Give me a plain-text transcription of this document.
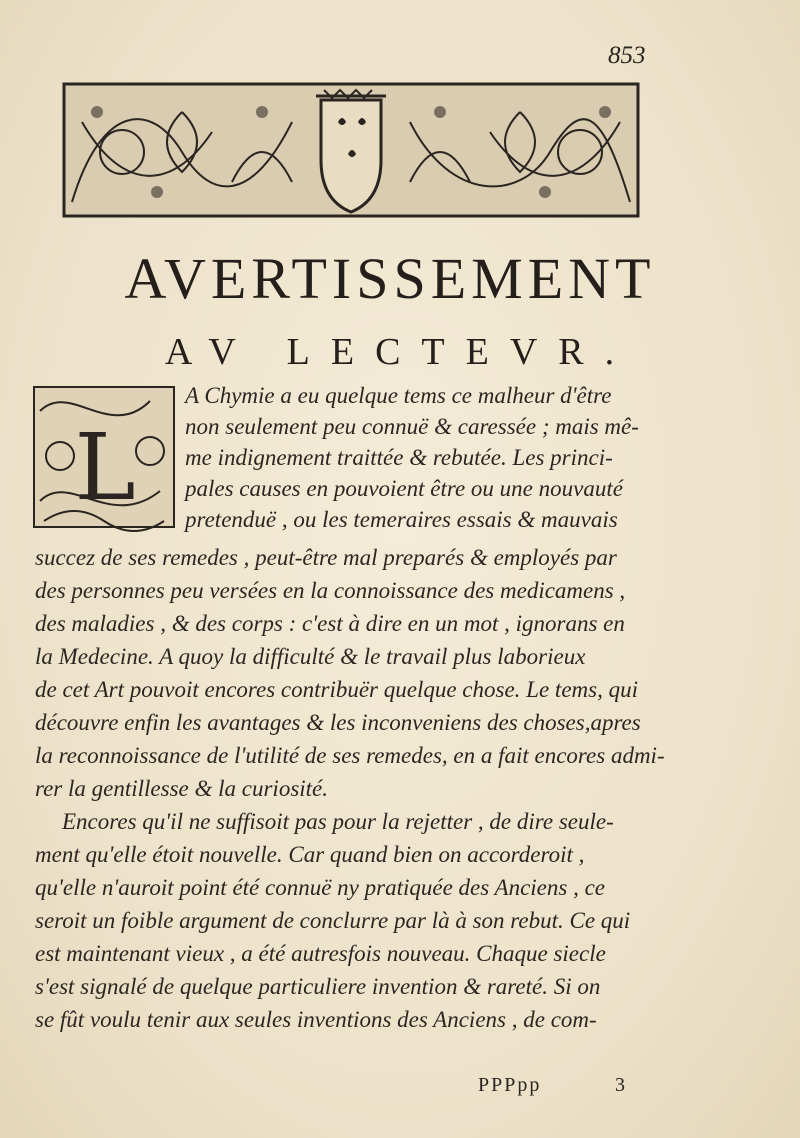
853
AVERTISSEMENT
AV LECTEVR.
L
A Chymie a eu quelque tems ce malheur d'être
non seulement peu connuë & caressée ; mais mê-
me indignement traittée & rebutée. Les princi-
pales causes en pouvoient être ou une nouvauté
pretenduë , ou les temeraires essais & mauvais
succez de ses remedes , peut-être mal preparés & employés par
des personnes peu versées en la connoissance des medicamens ,
des maladies , & des corps : c'est à dire en un mot , ignorans en
la Medecine. A quoy la difficulté & le travail plus laborieux
de cet Art pouvoit encores contribuër quelque chose. Le tems, qui
découvre enfin les avantages & les inconveniens des choses,apres
la reconnoissance de l'utilité de ses remedes, en a fait encores admi-
rer la gentillesse & la curiosité.
Encores qu'il ne suffisoit pas pour la rejetter , de dire seule-
ment qu'elle étoit nouvelle. Car quand bien on accorderoit ,
qu'elle n'auroit point été connuë ny pratiquée des Anciens , ce
seroit un foible argument de conclurre par là à son rebut. Ce qui
est maintenant vieux , a été autresfois nouveau. Chaque siecle
s'est signalé de quelque particuliere invention & rareté. Si on
se fût voulu tenir aux seules inventions des Anciens , de com-
PPPpp	3
